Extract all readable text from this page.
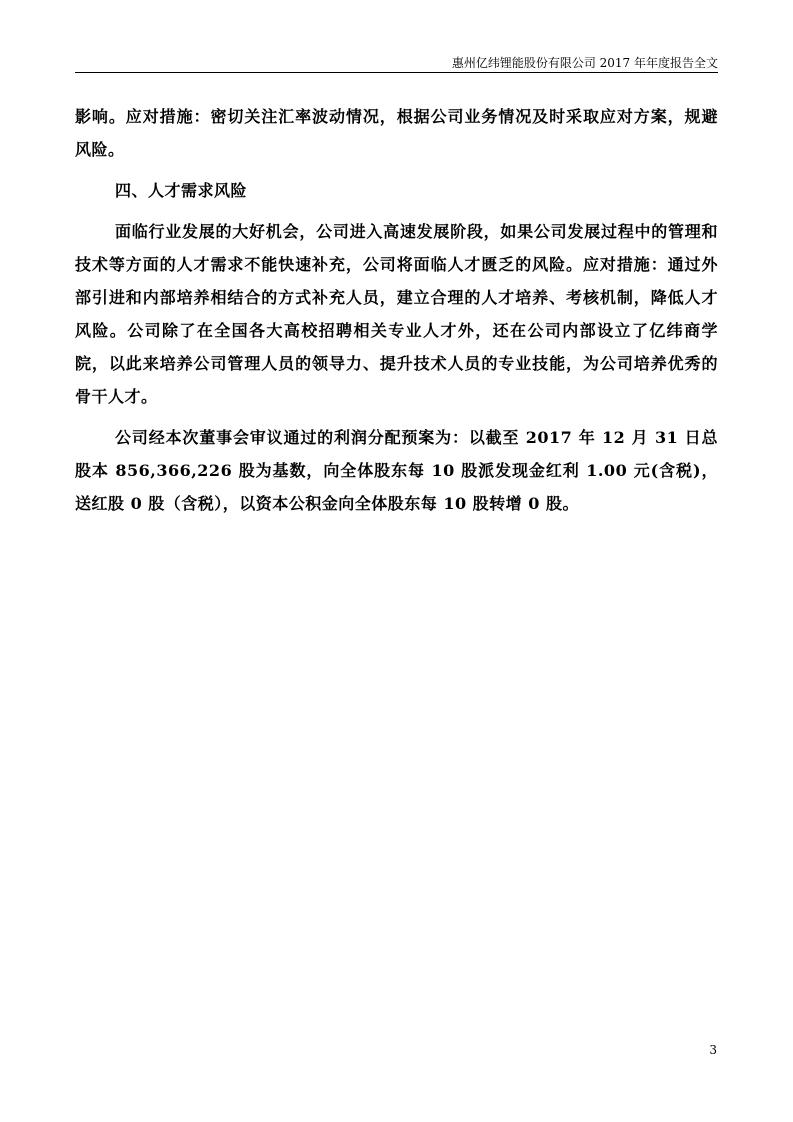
惠州亿纬锂能股份有限公司 2017 年年度报告全文

影响。应对措施：密切关注汇率波动情况，根据公司业务情况及时采取应对方案，规避风险。

四、人才需求风险

面临行业发展的大好机会，公司进入高速发展阶段，如果公司发展过程中的管理和技术等方面的人才需求不能快速补充，公司将面临人才匮乏的风险。应对措施：通过外部引进和内部培养相结合的方式补充人员，建立合理的人才培养、考核机制，降低人才风险。公司除了在全国各大高校招聘相关专业人才外，还在公司内部设立了亿纬商学院，以此来培养公司管理人员的领导力、提升技术人员的专业技能，为公司培养优秀的骨干人才。

公司经本次董事会审议通过的利润分配预案为：以截至 2017 年 12 月 31 日总股本 856,366,226 股为基数，向全体股东每 10 股派发现金红利 1.00 元(含税)，送红股 0 股（含税），以资本公积金向全体股东每 10 股转增 0 股。

3
